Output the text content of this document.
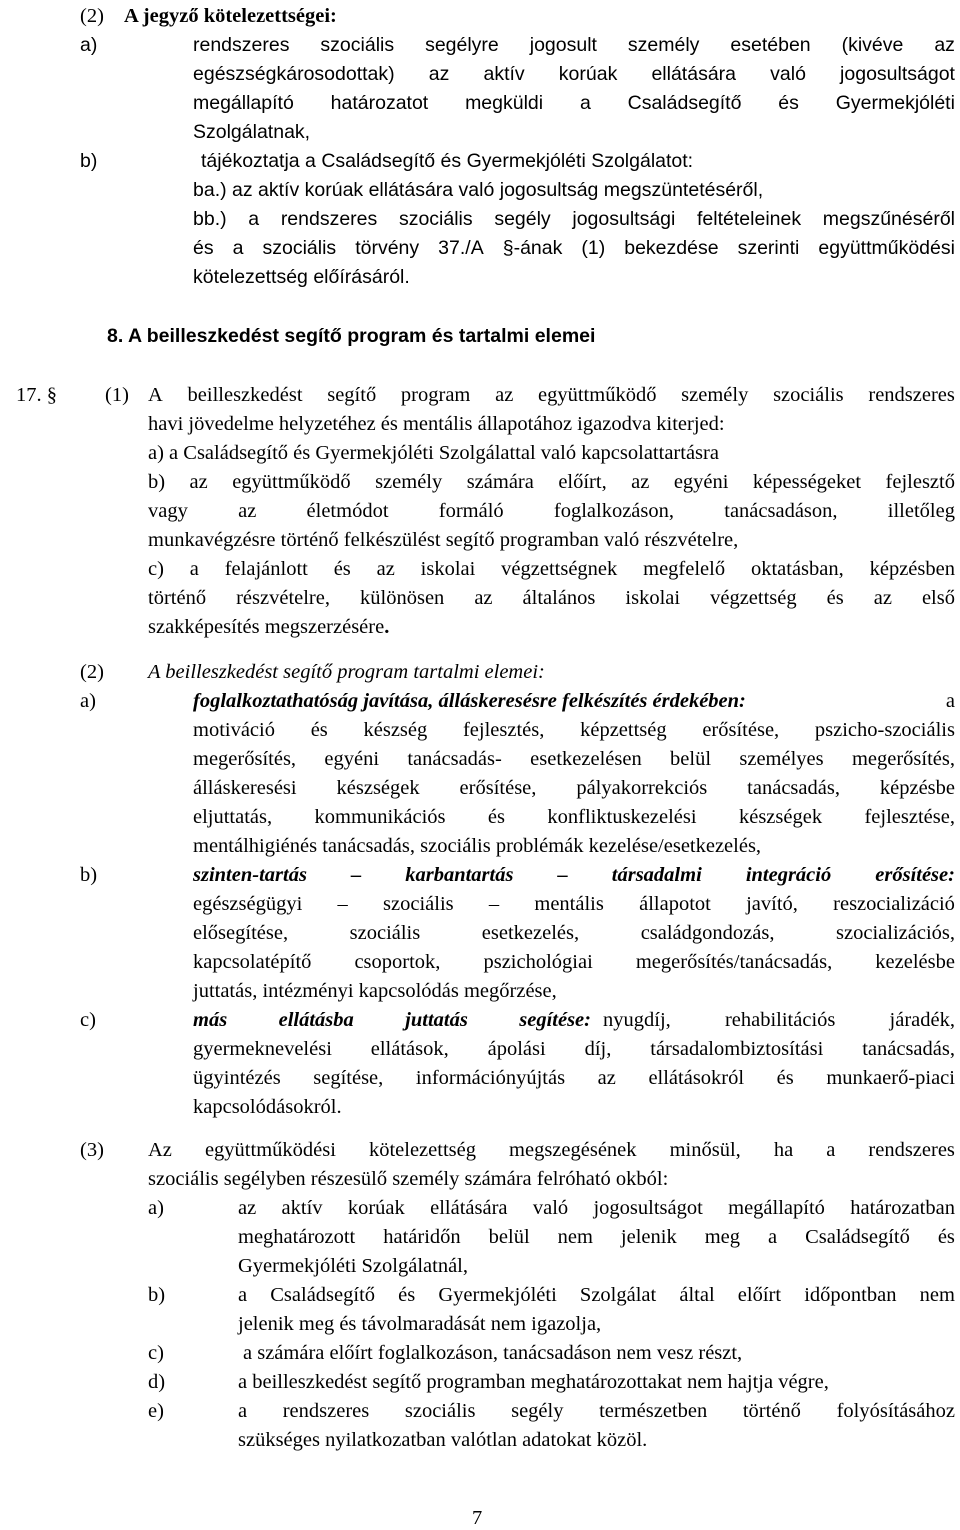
(2) A jegyző kötelezettségei:
a)	rendszeres szociális segélyre jogosult személy esetében (kivéve az
egészségkárosodottak) az aktív korúak ellátására való jogosultságot
megállapító határozatot megküldi a Családsegítő és Gyermekjóléti
Szolgálatnak,
b)	tájékoztatja a Családsegítő és Gyermekjóléti Szolgálatot:
ba.) az aktív korúak ellátására való jogosultság megszüntetéséről,
bb.) a rendszeres szociális segély jogosultsági feltételeinek megszűnéséről
és a szociális törvény 37./A §-ának (1) bekezdése szerinti együttműködési
kötelezettség előírásáról.
8. A beilleszkedést segítő program és tartalmi elemei
17. § (1) A beilleszkedést segítő program az együttműködő személy szociális rendszeres
havi jövedelme helyzetéhez és mentális állapotához igazodva kiterjed:
a) a Családsegítő és Gyermekjóléti Szolgálattal való kapcsolattartásra
b) az együttműködő személy számára előírt, az egyéni képességeket fejlesztő
vagy az életmódot formáló foglalkozáson, tanácsadáson, illetőleg
munkavégzésre történő felkészülést segítő programban való részvételre,
c) a felajánlott és az iskolai végzettségnek megfelelő oktatásban, képzésben
történő részvételre, különösen az általános iskolai végzettség és az első
szakképesítés megszerzésére.
(2) A beilleszkedést segítő program tartalmi elemei:
a)	foglalkoztathatóság javítása, álláskeresésre felkészítés érdekében:	a
motiváció és készség fejlesztés, képzettség erősítése, pszicho-szociális
megerősítés, egyéni tanácsadás- esetkezelésen belül személyes megerősítés,
álláskeresési készségek erősítése, pályakorrekciós tanácsadás, képzésbe
eljuttatás, kommunikációs és konfliktuskezelési készségek fejlesztése,
mentálhigiénés tanácsadás, szociális problémák kezelése/esetkezelés,
b)	szinten-tartás – karbantartás – társadalmi integráció erősítése:
egészségügyi – szociális – mentális állapotot javító, reszocializáció
elősegítése,	szociális	esetkezelés,	családgondozás,	szocializációs,
kapcsolatépítő csoportok, pszichológiai megerősítés/tanácsadás, kezelésbe
juttatás, intézményi kapcsolódás megőrzése,
c)	más	ellátásba	juttatás	segítése: nyugdíj,	rehabilitációs	járadék,
gyermeknevelési ellátások, ápolási díj, társadalombiztosítási tanácsadás,
ügyintézés segítése, információnyújtás az ellátásokról és munkaerő-piaci
kapcsolódásokról.
(3) Az együttműködési kötelezettség megszegésének minősül, ha a rendszeres
szociális segélyben részesülő személy számára felróható okból:
a)	az aktív korúak ellátására való jogosultságot megállapító határozatban
meghatározott határidőn belül nem jelenik meg a Családsegítő és
Gyermekjóléti Szolgálatnál,
b)	a Családsegítő és Gyermekjóléti Szolgálat által előírt időpontban nem
jelenik meg és távolmaradását nem igazolja,
c)	a számára előírt foglalkozáson, tanácsadáson nem vesz részt,
d)	a beilleszkedést segítő programban meghatározottakat nem hajtja végre,
e)	a rendszeres szociális segély természetben történő folyósításához
szükséges nyilatkozatban valótlan adatokat közöl.
7
